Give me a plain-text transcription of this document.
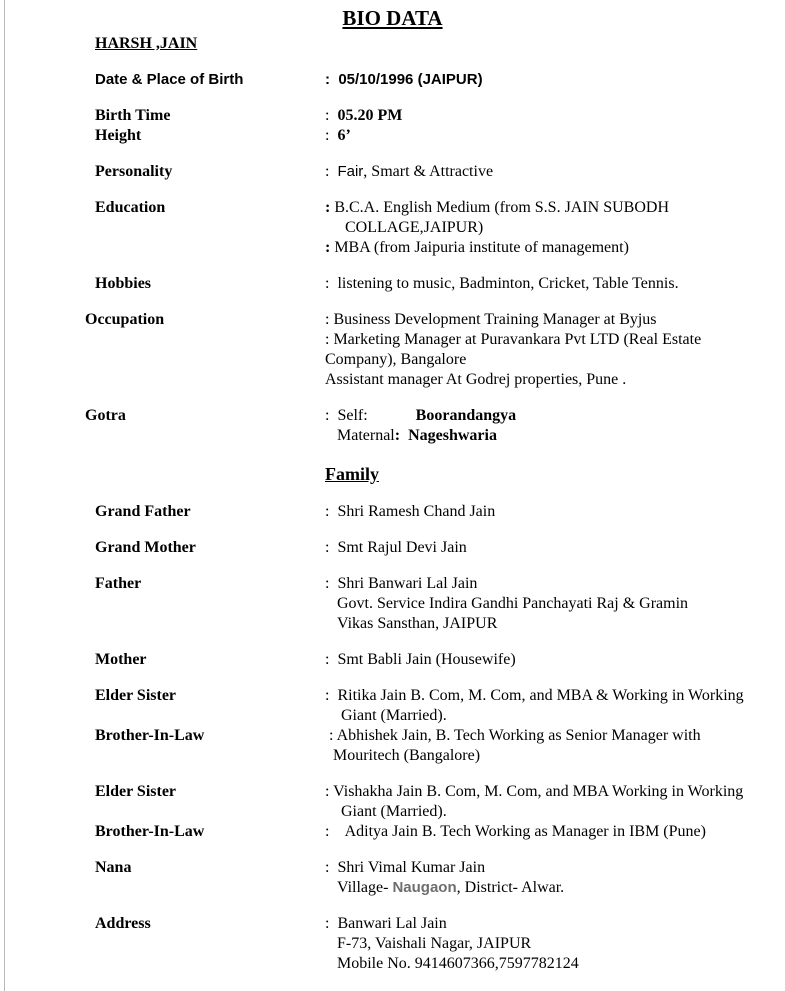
BIO DATA
HARSH ,JAIN
Date & Place of Birth	:  05/10/1996 (JAIPUR)
Birth Time	:  05.20 PM
Height	:  6’
Personality	:  Fair, Smart & Attractive
Education	: B.C.A. English Medium (from S.S. JAIN SUBODH
COLLAGE,JAIPUR)
: MBA (from Jaipuria institute of management)
Hobbies	:  listening to music, Badminton, Cricket, Table Tennis.
Occupation	: Business Development Training Manager at Byjus
: Marketing Manager at Puravankara Pvt LTD (Real Estate
Company), Bangalore
Assistant manager At Godrej properties, Pune .
Gotra	:  Self:	Boorandangya
Maternal: Nageshwaria
Family
Grand Father	:  Shri Ramesh Chand Jain
Grand Mother	:  Smt Rajul Devi Jain
Father	:  Shri Banwari Lal Jain
Govt. Service Indira Gandhi Panchayati Raj & Gramin
Vikas Sansthan, JAIPUR
Mother	:  Smt Babli Jain (Housewife)
Elder Sister	:  Ritika Jain B. Com, M. Com, and MBA & Working in Working
Giant (Married).
Brother-In-Law	: Abhishek Jain, B. Tech Working as Senior Manager with
Mouritech (Bangalore)
Elder Sister	: Vishakha Jain B. Com, M. Com, and MBA Working in Working
Giant (Married).
Brother-In-Law	:    Aditya Jain B. Tech Working as Manager in IBM (Pune)
Nana	:  Shri Vimal Kumar Jain
Village- Naugaon, District- Alwar.
Address	:  Banwari Lal Jain
F-73, Vaishali Nagar, JAIPUR
Mobile No. 9414607366,7597782124
